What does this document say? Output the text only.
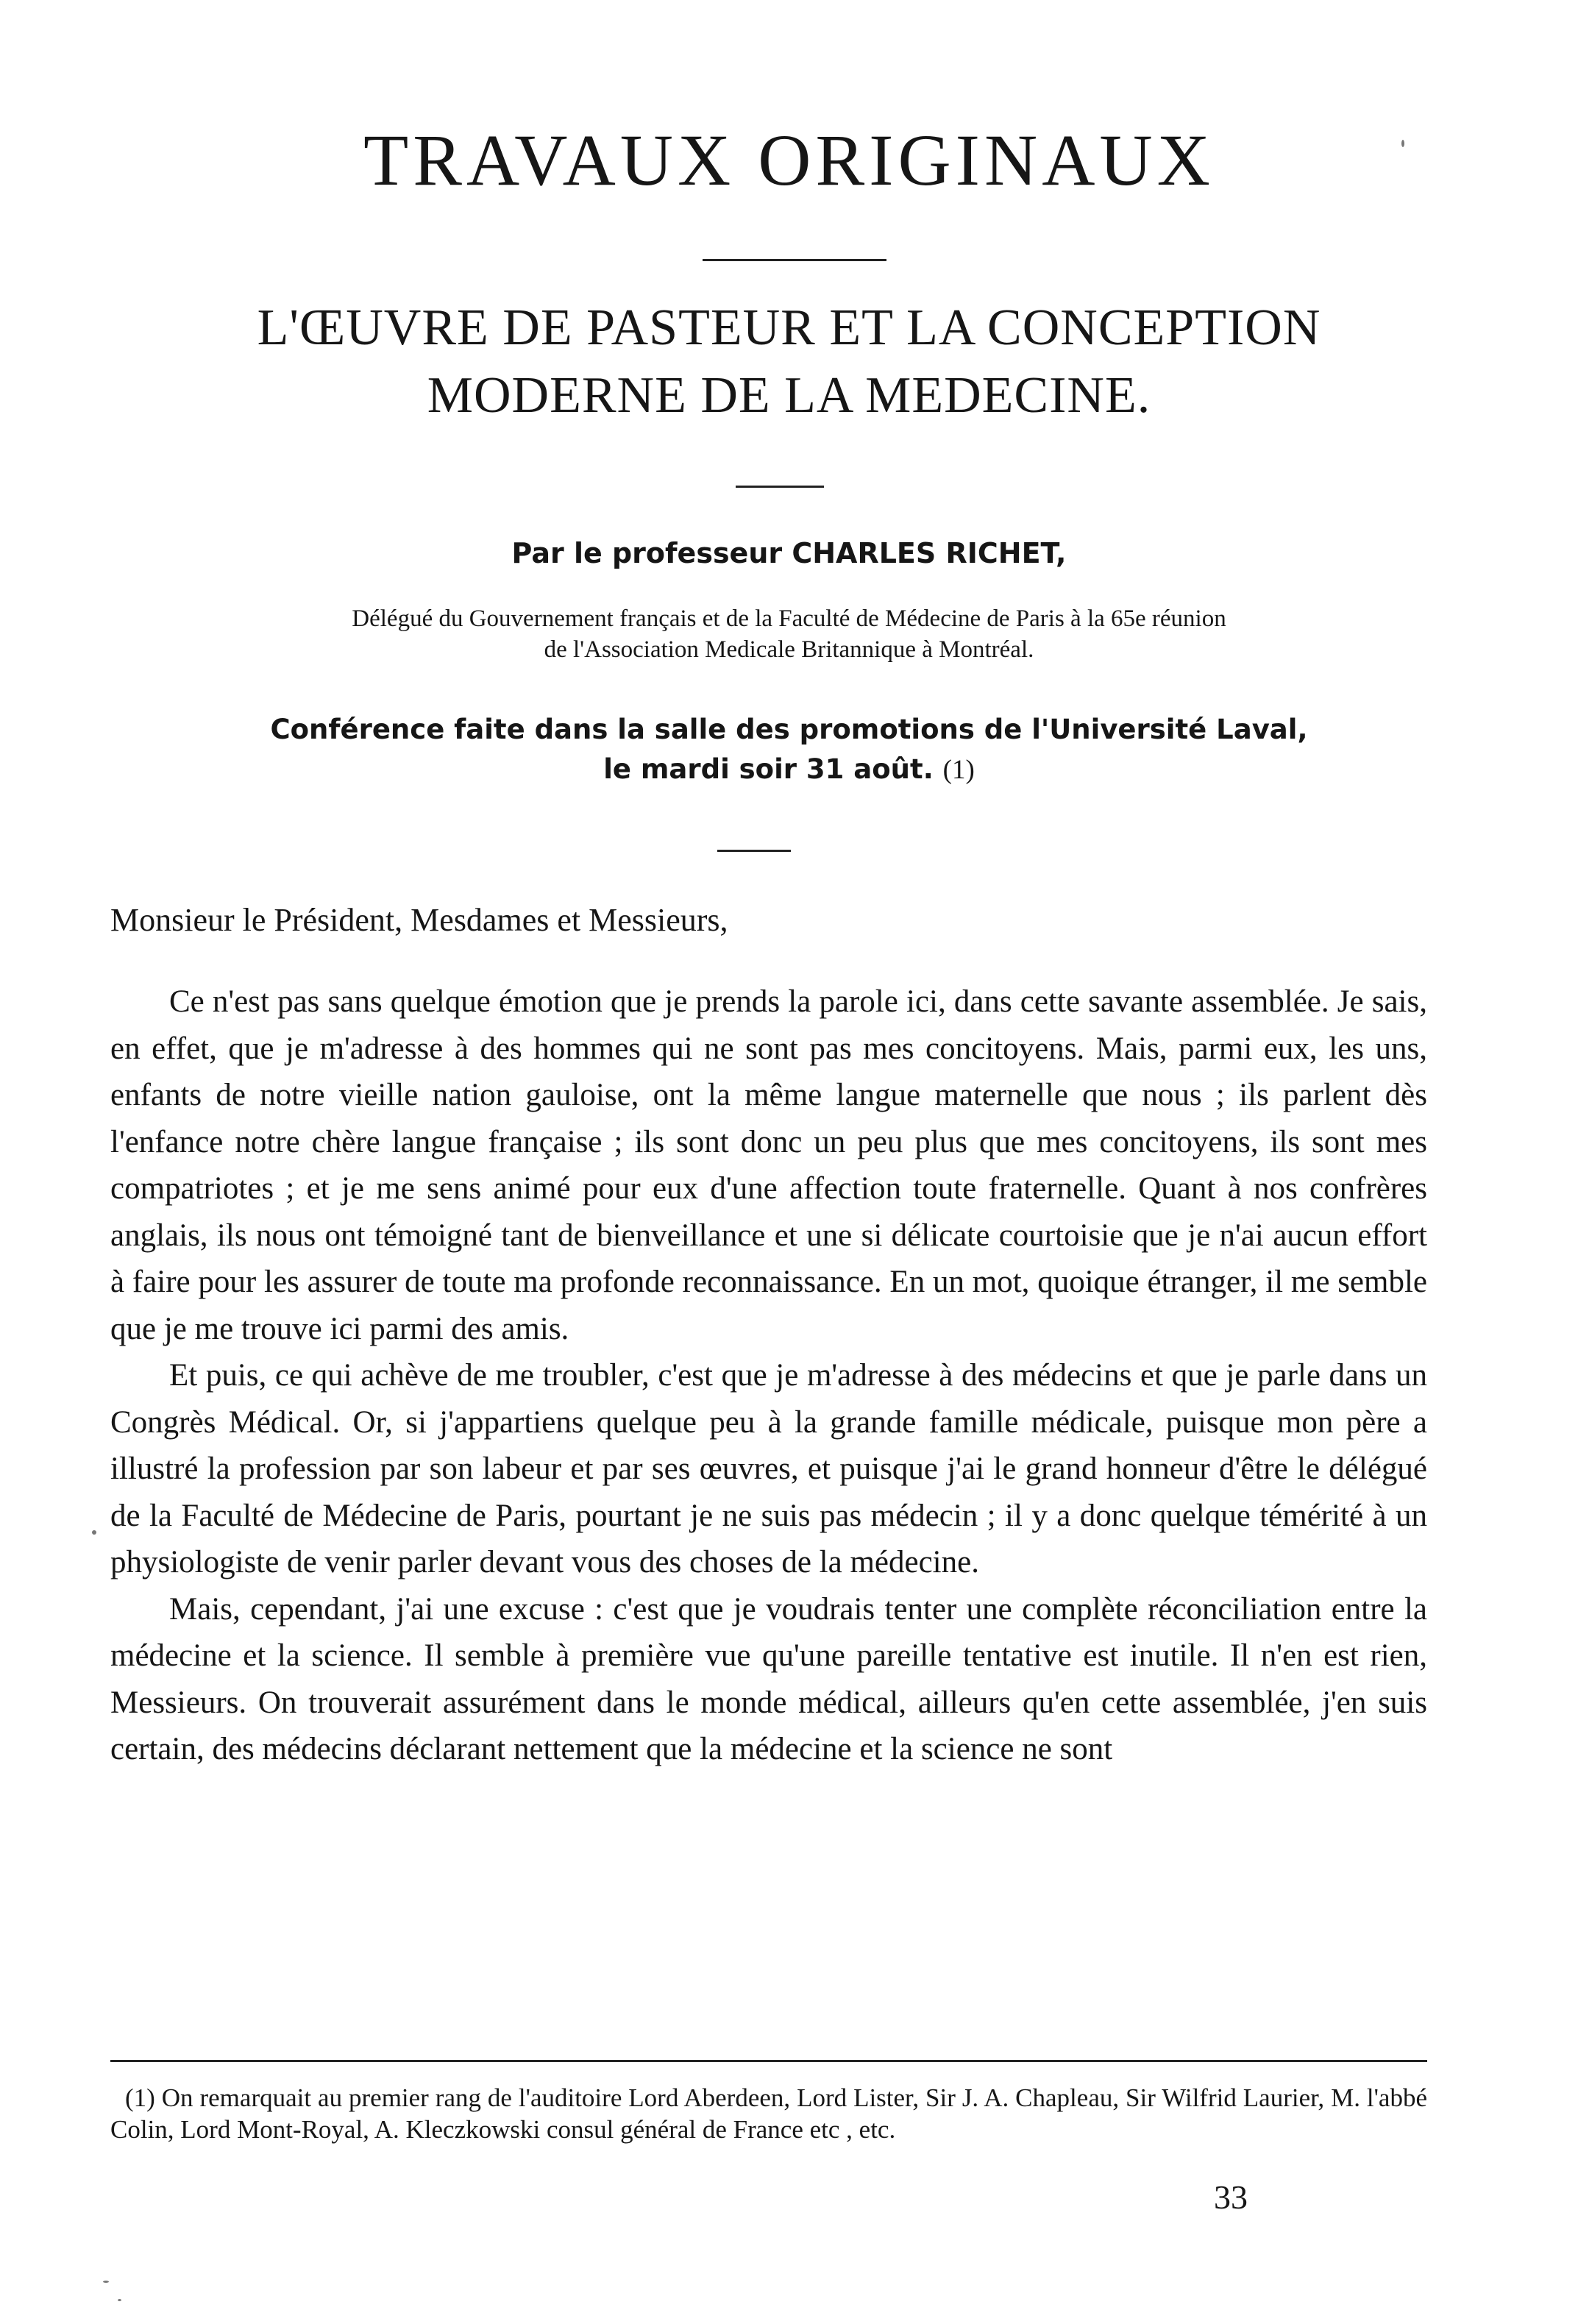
TRAVAUX ORIGINAUX
L'ŒUVRE DE PASTEUR ET LA CONCEPTION
MODERNE DE LA MEDECINE.

Par le professeur CHARLES RICHET,

Délégué du Gouvernement français et de la Faculté de Médecine de Paris à la 65e réunion
de l'Association Medicale Britannique à Montréal.

Conférence faite dans la salle des promotions de l'Université Laval,
le mardi soir 31 août. (1)

Monsieur le Président, Mesdames et Messieurs,

Ce n'est pas sans quelque émotion que je prends la parole ici, dans cette savante assemblée. Je sais, en effet, que je m'adresse à des hommes qui ne sont pas mes concitoyens. Mais, parmi eux, les uns, enfants de notre vieille nation gauloise, ont la même langue maternelle que nous ; ils parlent dès l'enfance notre chère langue française ; ils sont donc un peu plus que mes concitoyens, ils sont mes compatriotes ; et je me sens animé pour eux d'une affection toute fraternelle. Quant à nos confrères anglais, ils nous ont témoigné tant de bienveillance et une si délicate courtoisie que je n'ai aucun effort à faire pour les assurer de toute ma profonde reconnaissance. En un mot, quoique étranger, il me semble que je me trouve ici parmi des amis.

Et puis, ce qui achève de me troubler, c'est que je m'adresse à des médecins et que je parle dans un Congrès Médical. Or, si j'appartiens quelque peu à la grande famille médicale, puisque mon père a illustré la profession par son labeur et par ses œuvres, et puisque j'ai le grand honneur d'être le délégué de la Faculté de Médecine de Paris, pourtant je ne suis pas médecin ; il y a donc quelque témérité à un physiologiste de venir parler devant vous des choses de la médecine.

Mais, cependant, j'ai une excuse : c'est que je voudrais tenter une complète réconciliation entre la médecine et la science. Il semble à première vue qu'une pareille tentative est inutile. Il n'en est rien, Messieurs. On trouverait assurément dans le monde médical, ailleurs qu'en cette assemblée, j'en suis certain, des médecins déclarant nettement que la médecine et la science ne sont

(1) On remarquait au premier rang de l'auditoire Lord Aberdeen, Lord Lister, Sir J. A. Chapleau, Sir Wilfrid Laurier, M. l'abbé Colin, Lord Mont-Royal, A. Kleczkowski consul général de France etc , etc.

33
